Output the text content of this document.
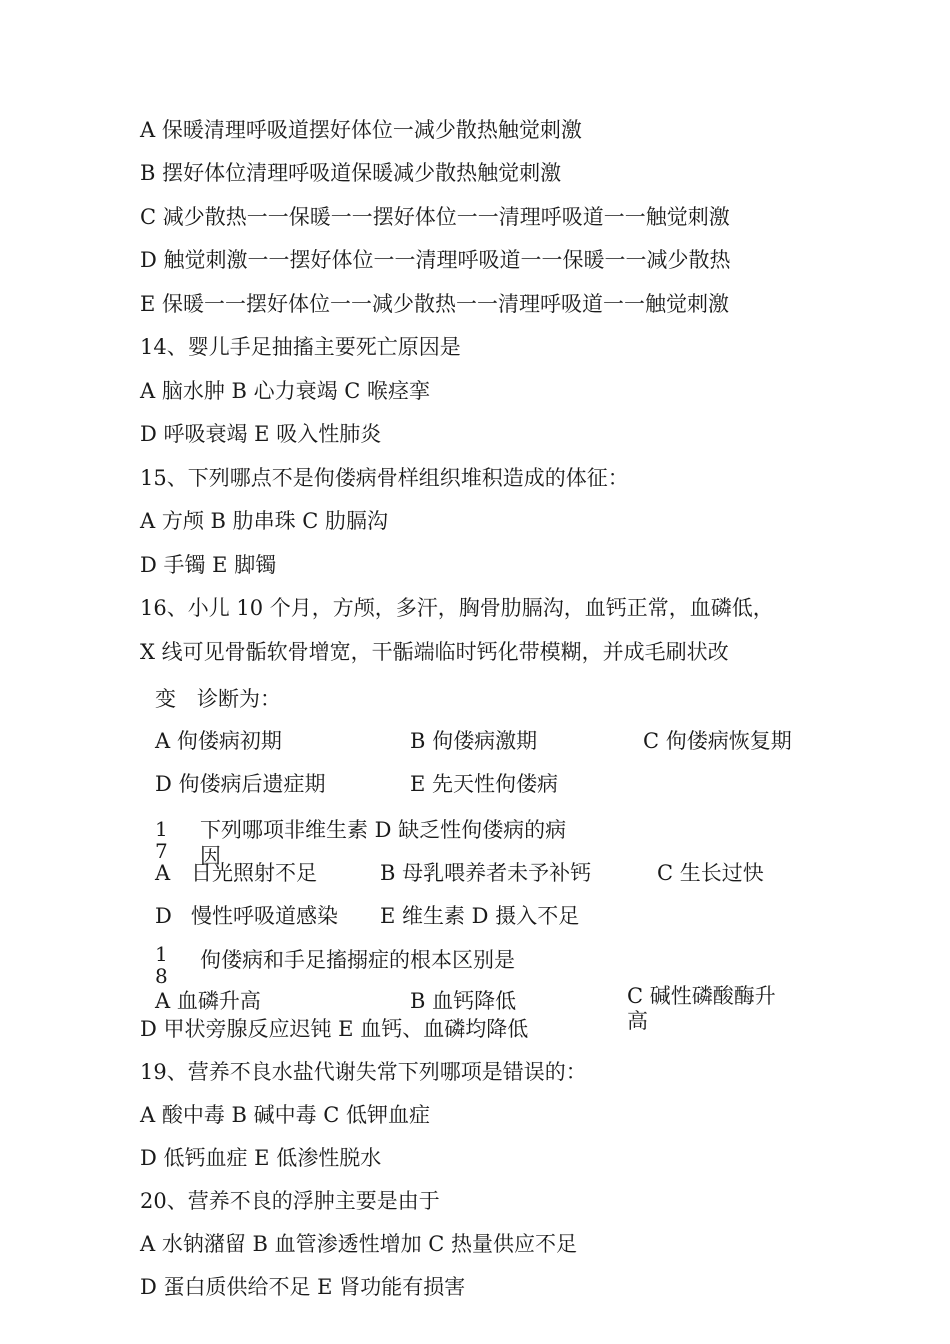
A 保暖清理呼吸道摆好体位一减少散热触觉刺激
B 摆好体位清理呼吸道保暖减少散热触觉刺激
C 减少散热一一保暖一一摆好体位一一清理呼吸道一一触觉刺激
D 触觉刺激一一摆好体位一一清理呼吸道一一保暖一一减少散热
E 保暖一一摆好体位一一减少散热一一清理呼吸道一一触觉刺激
14、婴儿手足抽搐主要死亡原因是
A 脑水肿 B 心力衰竭 C 喉痉挛
D 呼吸衰竭 E 吸入性肺炎
15、下列哪点不是佝偻病骨样组织堆积造成的体征：
A 方颅 B 肋串珠 C 肋膈沟
D 手镯 E 脚镯
16、小儿 10 个月，方颅，多汗，胸骨肋膈沟，血钙正常，血磷低，
X 线可见骨骺软骨增宽，干骺端临时钙化带模糊，并成毛刷状改
变　诊断为：
A 佝偻病初期	B 佝偻病激期	C 佝偻病恢复期
D 佝偻病后遗症期	E 先天性佝偻病
1
7
下列哪项非维生素 D 缺乏性佝偻病的病
因
A 日光照射不足	B 母乳喂养者未予补钙	C 生长过快
D 慢性呼吸道感染 E 维生素 D 摄入不足
1
8
佝偻病和手足搐搦症的根本区别是
A 血磷升高	B 血钙降低	C 碱性磷酸酶升
高
D 甲状旁腺反应迟钝 E 血钙、血磷均降低
19、营养不良水盐代谢失常下列哪项是错误的：
A 酸中毒 B 碱中毒 C 低钾血症
D 低钙血症 E 低渗性脱水
20、营养不良的浮肿主要是由于
A 水钠潴留 B 血管渗透性增加 C 热量供应不足
D 蛋白质供给不足 E 肾功能有损害
